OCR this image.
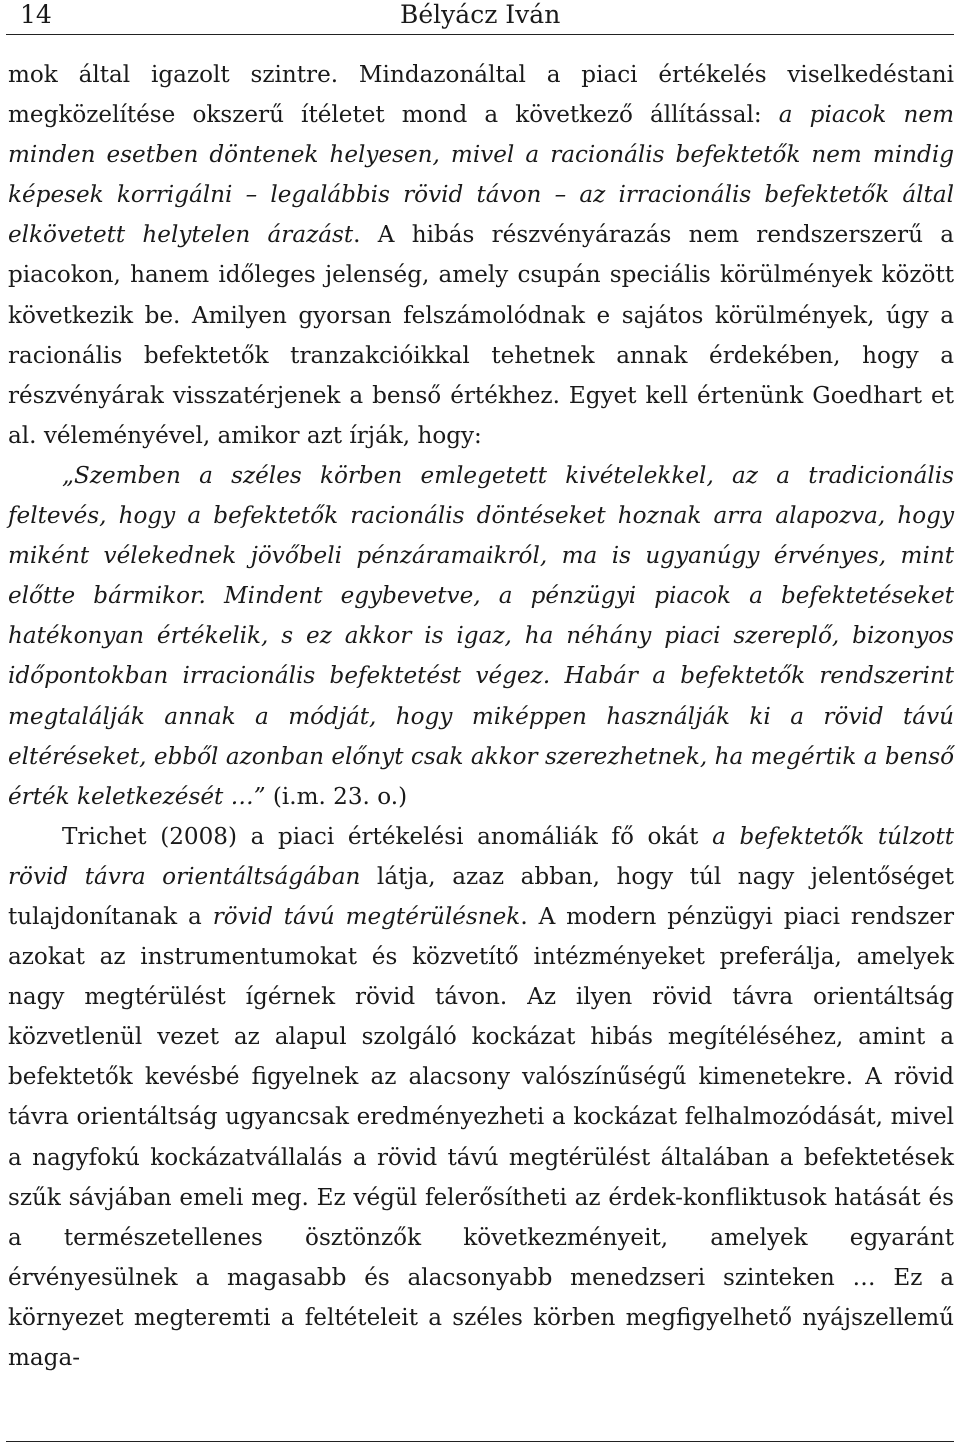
14	Bélyácz Iván

mok által igazolt szintre. Mindazonáltal a piaci értékelés viselkedéstani megközelítése okszerű ítéletet mond a következő állítással: a piacok nem minden esetben döntenek helyesen, mivel a racionális befektetők nem mindig képesek korrigálni – legalábbis rövid távon – az irracionális befektetők által elkövetett helytelen árazást. A hibás részvényárazás nem rendszerszerű a piacokon, hanem időleges jelenség, amely csupán speciális körülmények között következik be. Amilyen gyorsan felszámolódnak e sajátos körülmények, úgy a racionális befektetők tranzakcióikkal tehetnek annak érdekében, hogy a részvényárak visszatérjenek a benső értékhez. Egyet kell értenünk Goedhart et al. véleményével, amikor azt írják, hogy:

„Szemben a széles körben emlegetett kivételekkel, az a tradicionális feltevés, hogy a befektetők racionális döntéseket hoznak arra alapozva, hogy miként vélekednek jövőbeli pénzáramaikról, ma is ugyanúgy érvényes, mint előtte bármikor. Mindent egybevetve, a pénzügyi piacok a befektetéseket hatékonyan értékelik, s ez akkor is igaz, ha néhány piaci szereplő, bizonyos időpontokban irracionális befektetést végez. Habár a befektetők rendszerint megtalálják annak a módját, hogy miképpen használják ki a rövid távú eltéréseket, ebből azonban előnyt csak akkor szerezhetnek, ha megértik a benső érték keletkezését …” (i.m. 23. o.)

Trichet (2008) a piaci értékelési anomáliák fő okát a befektetők túlzott rövid távra orientáltságában látja, azaz abban, hogy túl nagy jelentőséget tulajdonítanak a rövid távú megtérülésnek. A modern pénzügyi piaci rendszer azokat az instrumentumokat és közvetítő intézményeket preferálja, amelyek nagy megtérülést ígérnek rövid távon. Az ilyen rövid távra orientáltság közvetlenül vezet az alapul szolgáló kockázat hibás megítéléséhez, amint a befektetők kevésbé figyelnek az alacsony valószínűségű kimenetekre. A rövid távra orientáltság ugyancsak eredményezheti a kockázat felhalmozódását, mivel a nagyfokú kockázatvállalás a rövid távú megtérülést általában a befektetések szűk sávjában emeli meg. Ez végül felerősítheti az érdek-konfliktusok hatását és a természetellenes ösztönzők következményeit, amelyek egyaránt érvényesülnek a magasabb és alacsonyabb menedzseri szinteken … Ez a környezet megteremti a feltételeit a széles körben megfigyelhető nyájszellemű maga-
